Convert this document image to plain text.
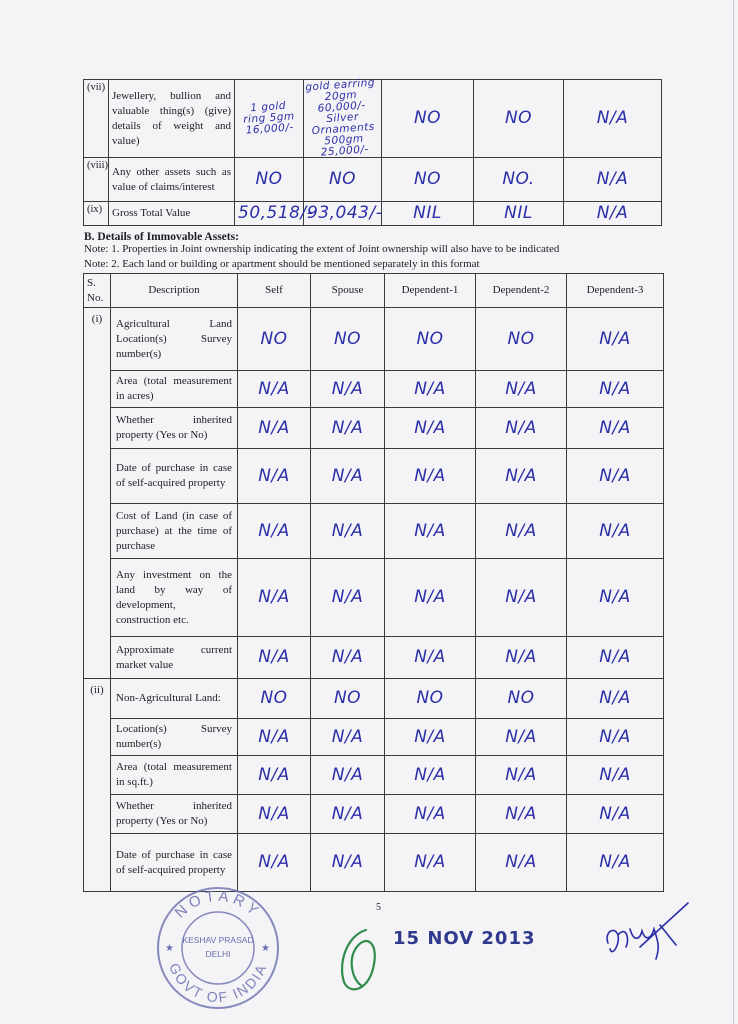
(vii)	Jewellery, bullion and valuable thing(s) (give) details of weight and value)	1 gold ring 5gm 16,000/-	gold earring 20gm 60,000/- Silver Ornaments 500gm 25,000/-	NO	NO	N/A
(viii)	Any other assets such as value of claims/interest	NO	NO	NO	NO.	N/A
(ix)	Gross Total Value	50,518/-	93,043/-	NIL	NIL	N/A

B. Details of Immovable Assets:

Note: 1. Properties in Joint ownership indicating the extent of Joint ownership will also have to be indicated

Note: 2. Each land or building or apartment should be mentioned separately in this format

S. No.	Description	Self	Spouse	Dependent-1	Dependent-2	Dependent-3
(i)	Agricultural Land Location(s) Survey number(s)	NO	NO	NO	NO	N/A
	Area (total measurement in acres)	N/A	N/A	N/A	N/A	N/A
	Whether inherited property (Yes or No)	N/A	N/A	N/A	N/A	N/A
	Date of purchase in case of self-acquired property	N/A	N/A	N/A	N/A	N/A
	Cost of Land (in case of purchase) at the time of purchase	N/A	N/A	N/A	N/A	N/A
	Any investment on the land by way of development, construction etc.	N/A	N/A	N/A	N/A	N/A
	Approximate current market value	N/A	N/A	N/A	N/A	N/A
(ii)	Non-Agricultural Land:	NO	NO	NO	NO	N/A
	Location(s) Survey number(s)	N/A	N/A	N/A	N/A	N/A
	Area (total measurement in sq.ft.)	N/A	N/A	N/A	N/A	N/A
	Whether inherited property (Yes or No)	N/A	N/A	N/A	N/A	N/A
	Date of purchase in case of self-acquired property	N/A	N/A	N/A	N/A	N/A
5
NOTARY
GOVT OF INDIA
KESHAV PRASAD
DELHI
★	★	15 NOV 2013
